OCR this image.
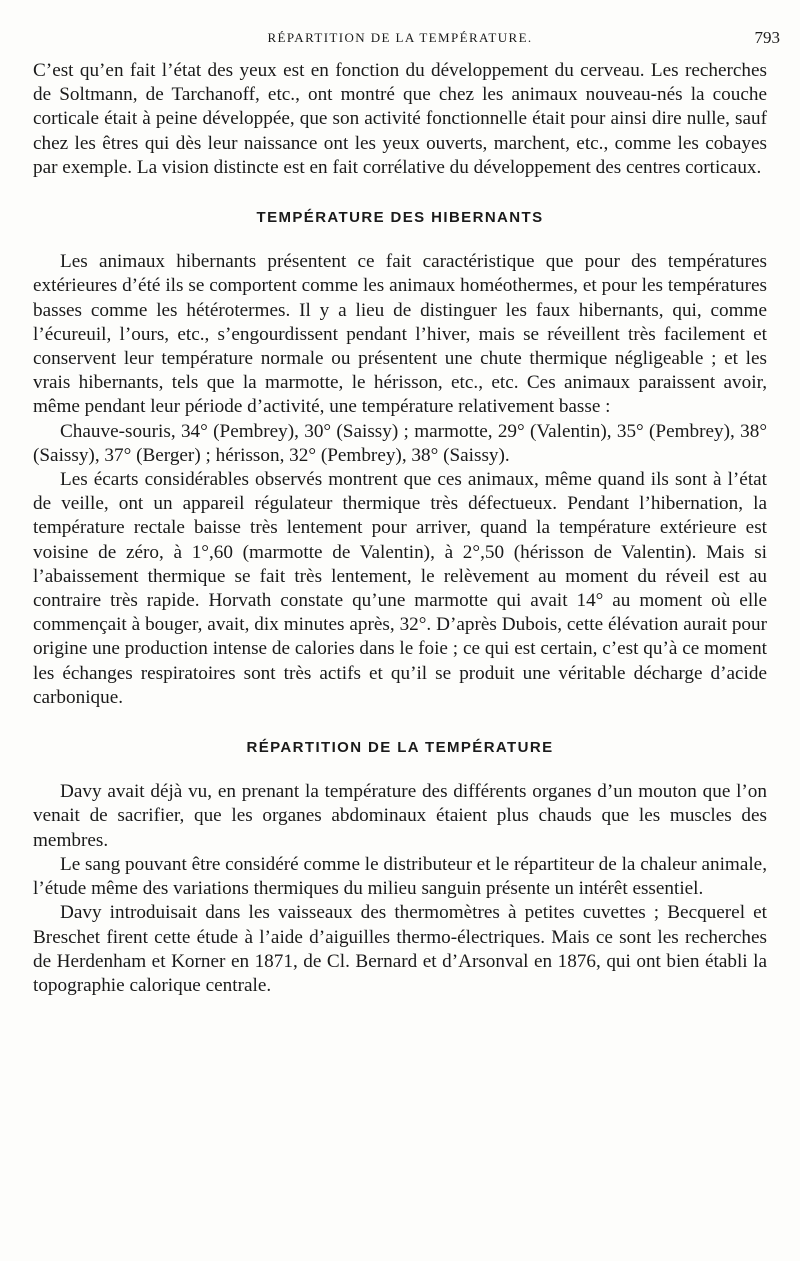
RÉPARTITION DE LA TEMPÉRATURE.	793

C’est qu’en fait l’état des yeux est en fonction du développement du cerveau. Les recherches de Soltmann, de Tarchanoff, etc., ont montré que chez les animaux nouveau-nés la couche corticale était à peine développée, que son activité fonctionnelle était pour ainsi dire nulle, sauf chez les êtres qui dès leur naissance ont les yeux ouverts, marchent, etc., comme les cobayes par exemple. La vision distincte est en fait corrélative du développement des centres corticaux.

TEMPÉRATURE DES HIBERNANTS

Les animaux hibernants présentent ce fait caractéristique que pour des températures extérieures d’été ils se comportent comme les animaux homéothermes, et pour les températures basses comme les hétérotermes. Il y a lieu de distinguer les faux hibernants, qui, comme l’écureuil, l’ours, etc., s’engourdissent pendant l’hiver, mais se réveillent très facilement et conservent leur température normale ou présentent une chute thermique négligeable ; et les vrais hibernants, tels que la marmotte, le hérisson, etc., etc. Ces animaux paraissent avoir, même pendant leur période d’activité, une température relativement basse :

Chauve-souris, 34° (Pembrey), 30° (Saissy) ; marmotte, 29° (Valentin), 35° (Pembrey), 38° (Saissy), 37° (Berger) ; hérisson, 32° (Pembrey), 38° (Saissy).

Les écarts considérables observés montrent que ces animaux, même quand ils sont à l’état de veille, ont un appareil régulateur thermique très défectueux. Pendant l’hibernation, la température rectale baisse très lentement pour arriver, quand la température extérieure est voisine de zéro, à 1°,60 (marmotte de Valentin), à 2°,50 (hérisson de Valentin). Mais si l’abaissement thermique se fait très lentement, le relèvement au moment du réveil est au contraire très rapide. Horvath constate qu’une marmotte qui avait 14° au moment où elle commençait à bouger, avait, dix minutes après, 32°. D’après Dubois, cette élévation aurait pour origine une production intense de calories dans le foie ; ce qui est certain, c’est qu’à ce moment les échanges respiratoires sont très actifs et qu’il se produit une véritable décharge d’acide carbonique.

RÉPARTITION DE LA TEMPÉRATURE

Davy avait déjà vu, en prenant la température des différents organes d’un mouton que l’on venait de sacrifier, que les organes abdominaux étaient plus chauds que les muscles des membres.

Le sang pouvant être considéré comme le distributeur et le répartiteur de la chaleur animale, l’étude même des variations thermiques du milieu sanguin présente un intérêt essentiel.

Davy introduisait dans les vaisseaux des thermomètres à petites cuvettes ; Becquerel et Breschet firent cette étude à l’aide d’aiguilles thermo-électriques. Mais ce sont les recherches de Herdenham et Korner en 1871, de Cl. Bernard et d’Arsonval en 1876, qui ont bien établi la topographie calorique centrale.
